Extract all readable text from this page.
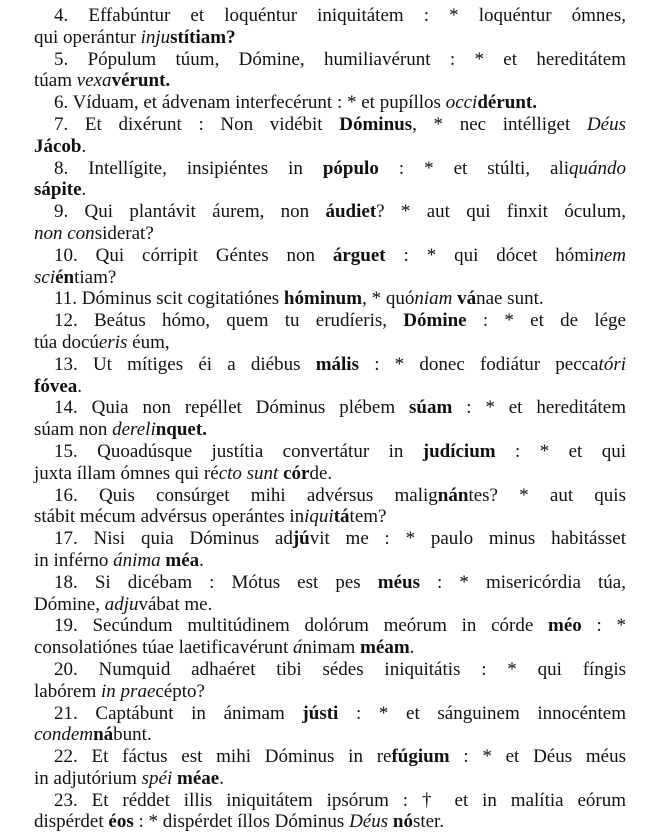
4. Effabúntur et loquéntur iniquitátem : * loquéntur ómnes,
qui operántur injustítiam?

5. Pópulum túum, Dómine, humiliavérunt : * et hereditátem
túam vexavérunt.

6. Víduam, et ádvenam interfecérunt : * et pupíllos occidérunt.

7. Et dixérunt : Non vidébit Dóminus, * nec intélliget Déus
Jácob.

8. Intellígite, insipiéntes in pópulo : * et stúlti, aliquándo
sápite.

9. Qui plantávit áurem, non áudiet? * aut qui finxit óculum,
non considerat?

10. Qui córripit Géntes non árguet : * qui dócet hóminem
sciéntiam?

11. Dóminus scit cogitatiónes hóminum, * quóniam vánae sunt.

12. Beátus hómo, quem tu erudíeris, Dómine : * et de lége
túa docúeris éum,

13. Ut mítiges éi a diébus mális : * donec fodiátur peccatóri
fóvea.

14. Quia non repéllet Dóminus plébem súam : * et hereditátem
súam non derelinquet.

15. Quoadúsque justítia convertátur in judícium : * et qui
juxta íllam ómnes qui récto sunt córde.

16. Quis consúrget mihi advérsus malignántes? * aut quis
stábit mécum advérsus operántes iniquitátem?

17. Nisi quia Dóminus adjúvit me : * paulo minus habitásset
in inférno ánima méa.

18. Si dicébam : Mótus est pes méus : * misericórdia túa,
Dómine, adjuvábat me.

19. Secúndum multitúdinem dolórum meórum in córde méo : *
consolatiónes túae laetificavérunt ánimam méam.

20. Numquid adhaéret tibi sédes iniquitátis : * qui fíngis
labórem in praecépto?

21. Captábunt in ánimam jústi : * et sánguinem innocéntem
condemnábunt.

22. Et fáctus est mihi Dóminus in refúgium : * et Déus méus
in adjutórium spéi méae.

23. Et réddet illis iniquitátem ipsórum : † et in malítia eórum
dispérdet éos : * dispérdet íllos Dóminus Déus nóster.
